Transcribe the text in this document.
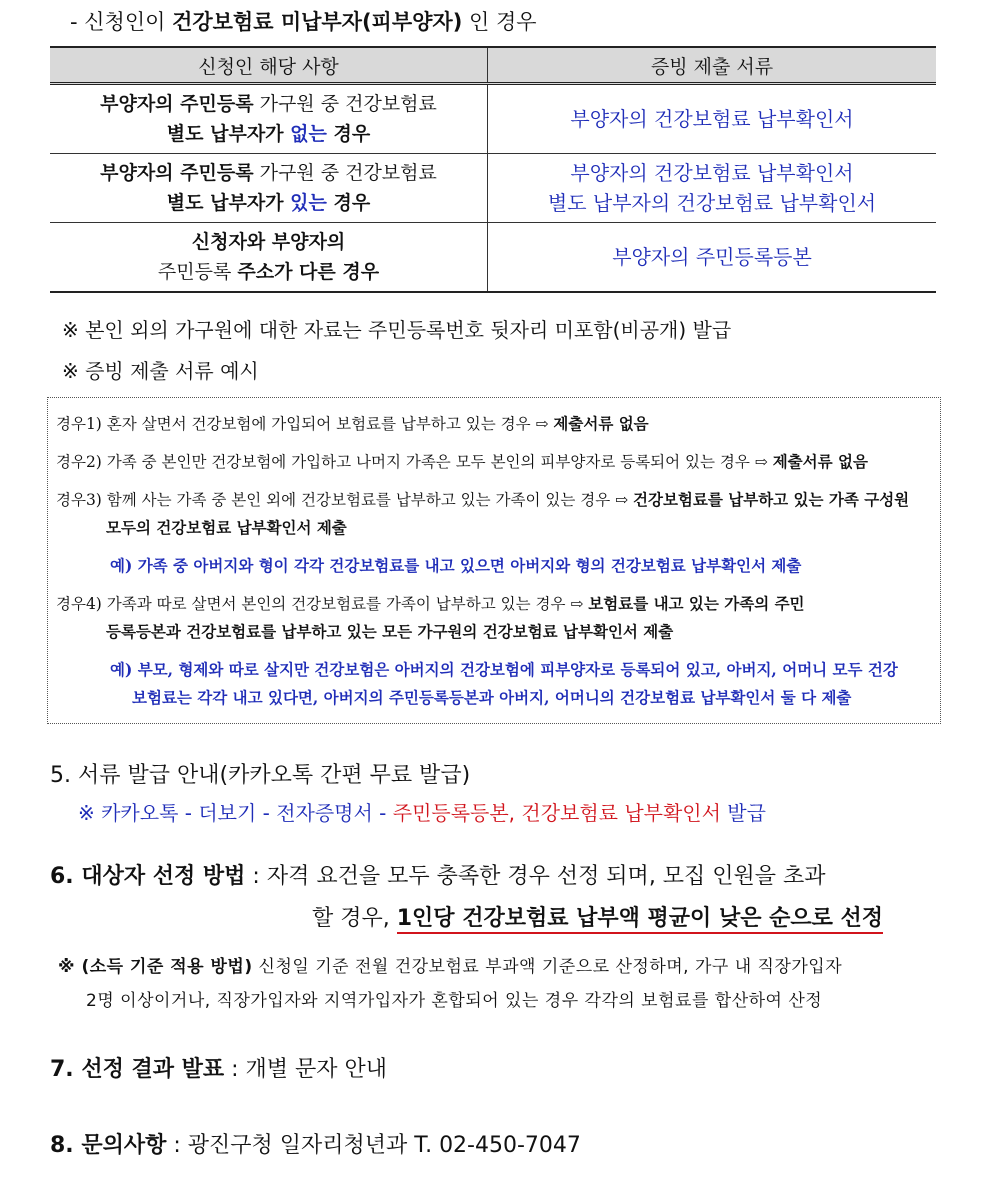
- 신청인이 건강보험료 미납부자(피부양자) 인 경우
신청인 해당 사항	증빙 제출 서류
부양자의 주민등록 가구원 중 건강보험료
별도 납부자가 없는 경우	부양자의 건강보험료 납부확인서
부양자의 주민등록 가구원 중 건강보험료
별도 납부자가 있는 경우	부양자의 건강보험료 납부확인서
별도 납부자의 건강보험료 납부확인서
신청자와 부양자의
주민등록 주소가 다른 경우	부양자의 주민등록등본
※ 본인 외의 가구원에 대한 자료는 주민등록번호 뒷자리 미포함(비공개) 발급
※ 증빙 제출 서류 예시
경우1) 혼자 살면서 건강보험에 가입되어 보험료를 납부하고 있는 경우 ⇨ 제출서류 없음
경우2) 가족 중 본인만 건강보험에 가입하고 나머지 가족은 모두 본인의 피부양자로 등록되어 있는 경우 ⇨ 제출서류 없음
경우3) 함께 사는 가족 중 본인 외에 건강보험료를 납부하고 있는 가족이 있는 경우 ⇨ 건강보험료를 납부하고 있는 가족 구성원
모두의 건강보험료 납부확인서 제출
예) 가족 중 아버지와 형이 각각 건강보험료를 내고 있으면 아버지와 형의 건강보험료 납부확인서 제출
경우4) 가족과 따로 살면서 본인의 건강보험료를 가족이 납부하고 있는 경우 ⇨ 보험료를 내고 있는 가족의 주민
등록등본과 건강보험료를 납부하고 있는 모든 가구원의 건강보험료 납부확인서 제출
예) 부모, 형제와 따로 살지만 건강보험은 아버지의 건강보험에 피부양자로 등록되어 있고, 아버지, 어머니 모두 건강
보험료는 각각 내고 있다면, 아버지의 주민등록등본과 아버지, 어머니의 건강보험료 납부확인서 둘 다 제출
5. 서류 발급 안내(카카오톡 간편 무료 발급)
※ 카카오톡 - 더보기 - 전자증명서 - 주민등록등본, 건강보험료 납부확인서 발급
6. 대상자 선정 방법 : 자격 요건을 모두 충족한 경우 선정 되며, 모집 인원을 초과
할 경우, 1인당 건강보험료 납부액 평균이 낮은 순으로 선정
※ (소득 기준 적용 방법) 신청일 기준 전월 건강보험료 부과액 기준으로 산정하며, 가구 내 직장가입자
2명 이상이거나, 직장가입자와 지역가입자가 혼합되어 있는 경우 각각의 보험료를 합산하여 산정
7. 선정 결과 발표 : 개별 문자 안내
8. 문의사항 : 광진구청 일자리청년과 T. 02-450-7047
